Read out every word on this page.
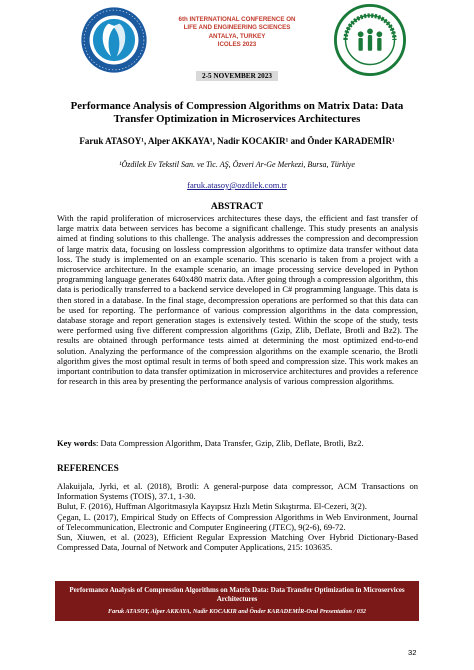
6th INTERNATIONAL CONFERENCE ON
LIFE AND ENGINEERING SCIENCES
ANTALYA, TURKEY
ICOLES 2023
2-5 NOVEMBER 2023
Performance Analysis of Compression Algorithms on Matrix Data: Data
Transfer Optimization in Microservices Architectures
Faruk ATASOY¹, Alper AKKAYA¹, Nadir KOCAKIR¹ and Önder KARADEMİR¹
¹Özdilek Ev Tekstil San. ve Tic. AŞ, Özveri Ar-Ge Merkezi, Bursa, Türkiye
faruk.atasoy@ozdilek.com.tr
ABSTRACT

With the rapid proliferation of microservices architectures these days, the efficient and fast transfer of large matrix data between services has become a significant challenge. This study presents an analysis aimed at finding solutions to this challenge. The analysis addresses the compression and decompression of large matrix data, focusing on lossless compression algorithms to optimize data transfer without data loss. The study is implemented on an example scenario. This scenario is taken from a project with a microservice architecture. In the example scenario, an image processing service developed in Python programming language generates 640x480 matrix data. After going through a compression algorithm, this data is periodically transferred to a backend service developed in C# programming language. This data is then stored in a database. In the final stage, decompression operations are performed so that this data can be used for reporting. The performance of various compression algorithms in the data compression, database storage and report generation stages is extensively tested. Within the scope of the study, tests were performed using five different compression algorithms (Gzip, Zlib, Deflate, Brotli and Bz2). The results are obtained through performance tests aimed at determining the most optimized end-to-end solution. Analyzing the performance of the compression algorithms on the example scenario, the Brotli algorithm gives the most optimal result in terms of both speed and compression size. This work makes an important contribution to data transfer optimization in microservice architectures and provides a reference for research in this area by presenting the performance analysis of various compression algorithms.

Key words: Data Compression Algorithm, Data Transfer, Gzip, Zlib, Deflate, Brotli, Bz2.
REFERENCES

Alakuijala, Jyrki, et al. (2018), Brotli: A general-purpose data compressor, ACM Transactions on Information Systems (TOIS), 37.1, 1-30.

Bulut, F. (2016), Huffman Algoritmasıyla Kayıpsız Hızlı Metin Sıkıştırma. El-Cezeri, 3(2).

Çegan, L. (2017), Empirical Study on Effects of Compression Algorithms in Web Environment, Journal of Telecommunication, Electronic and Computer Engineering (JTEC), 9(2-6), 69-72.

Sun, Xiuwen, et al. (2023), Efficient Regular Expression Matching Over Hybrid Dictionary-Based Compressed Data, Journal of Network and Computer Applications, 215: 103635.

Performance Analysis of Compression Algorithms on Matrix Data: Data Transfer Optimization in Microservices Architectures
Faruk ATASOY, Alper AKKAYA, Nadir KOCAKIR and Önder KARADEMİR-Oral Presentation / 032
32
